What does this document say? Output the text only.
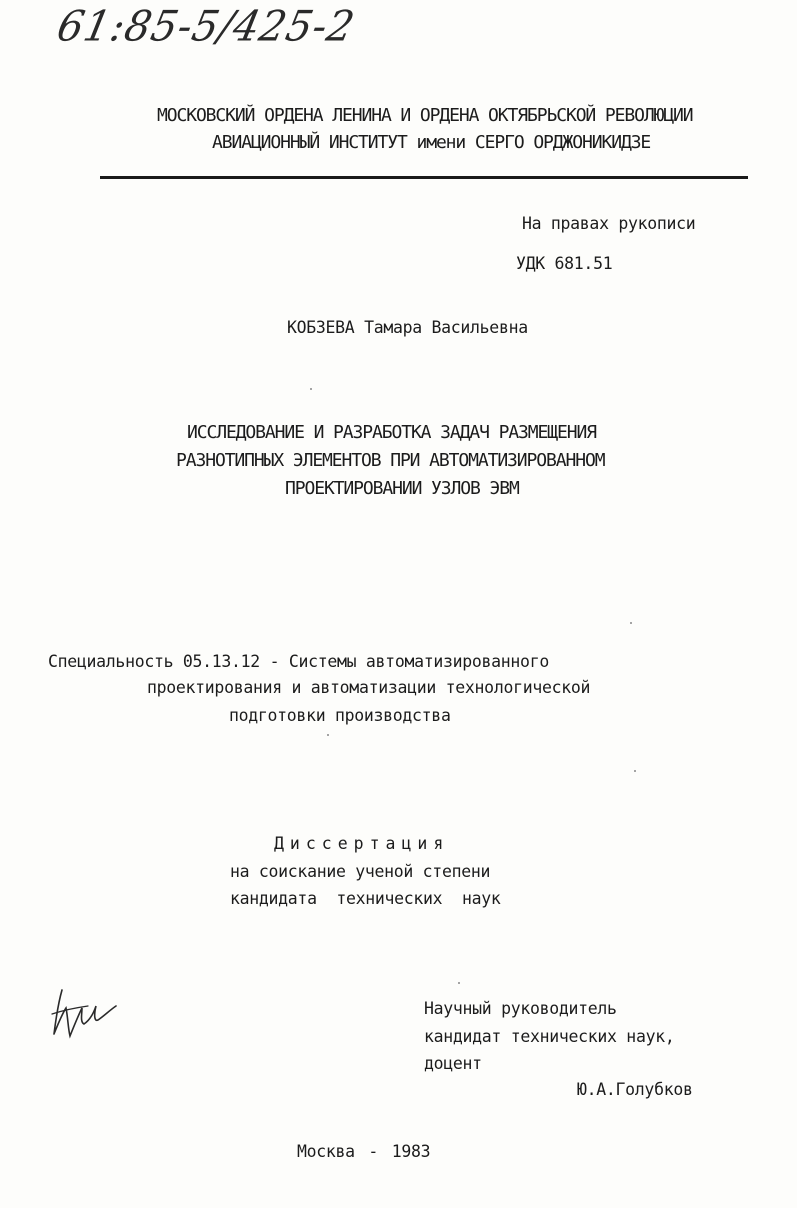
61:85-5/425-2
МОСКОВСКИЙ ОРДЕНА ЛЕНИНА И ОРДЕНА ОКТЯБРЬСКОЙ РЕВОЛЮЦИИ
АВИАЦИОННЫЙ ИНСТИТУТ имени СЕРГО ОРДЖОНИКИДЗЕ
На правах рукописи
УДК 681.51
КОБЗЕВА Тамара Васильевна
ИССЛЕДОВАНИЕ И РАЗРАБОТКА ЗАДАЧ РАЗМЕЩЕНИЯ
РАЗНОТИПНЫХ ЭЛЕМЕНТОВ ПРИ АВТОМАТИЗИРОВАННОМ
ПРОЕКТИРОВАНИИ УЗЛОВ ЭВМ
Специальность 05.13.12 - Системы автоматизированного
проектирования и автоматизации технологической
подготовки производства
Диссертация
на соискание ученой степени
кандидата технических наук
Научный руководитель
кандидат технических наук,
доцент
Ю.А.Голубков
Москва - 1983
